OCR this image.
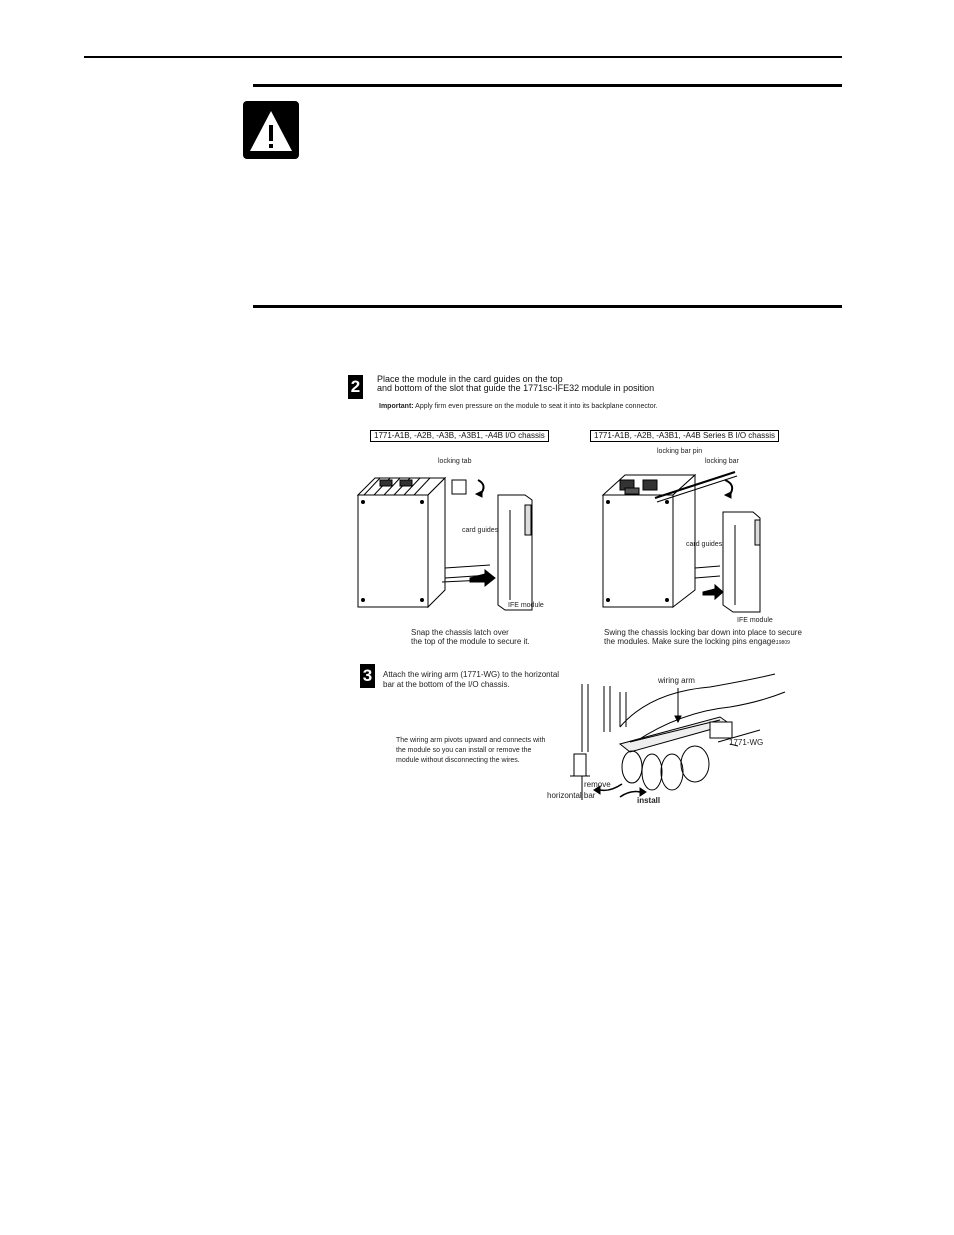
2	Place the module in the card guides on the top
and bottom of the slot that guide the 1771sc-IFE32 module in position
Important: Apply firm even pressure on the module to seat it into its backplane connector.
1771-A1B, -A2B, -A3B, -A3B1, -A4B I/O chassis
locking tab
card guides
IFE module
Snap the chassis latch over
the top of the module to secure it.
1771-A1B, -A2B, -A3B1, -A4B Series B I/O chassis
locking bar pin
locking bar
card guides
IFE module
Swing the chassis locking bar down into place to secure
the modules. Make sure the locking pins engage.
19809
3	Attach the wiring arm (1771-WG) to the horizontal
bar at the bottom of the I/O chassis.
The wiring arm pivots upward and connects with
the module so you can install or remove the
module without disconnecting the wires.
wiring arm
1771-WG
remove
horizontal bar
install
